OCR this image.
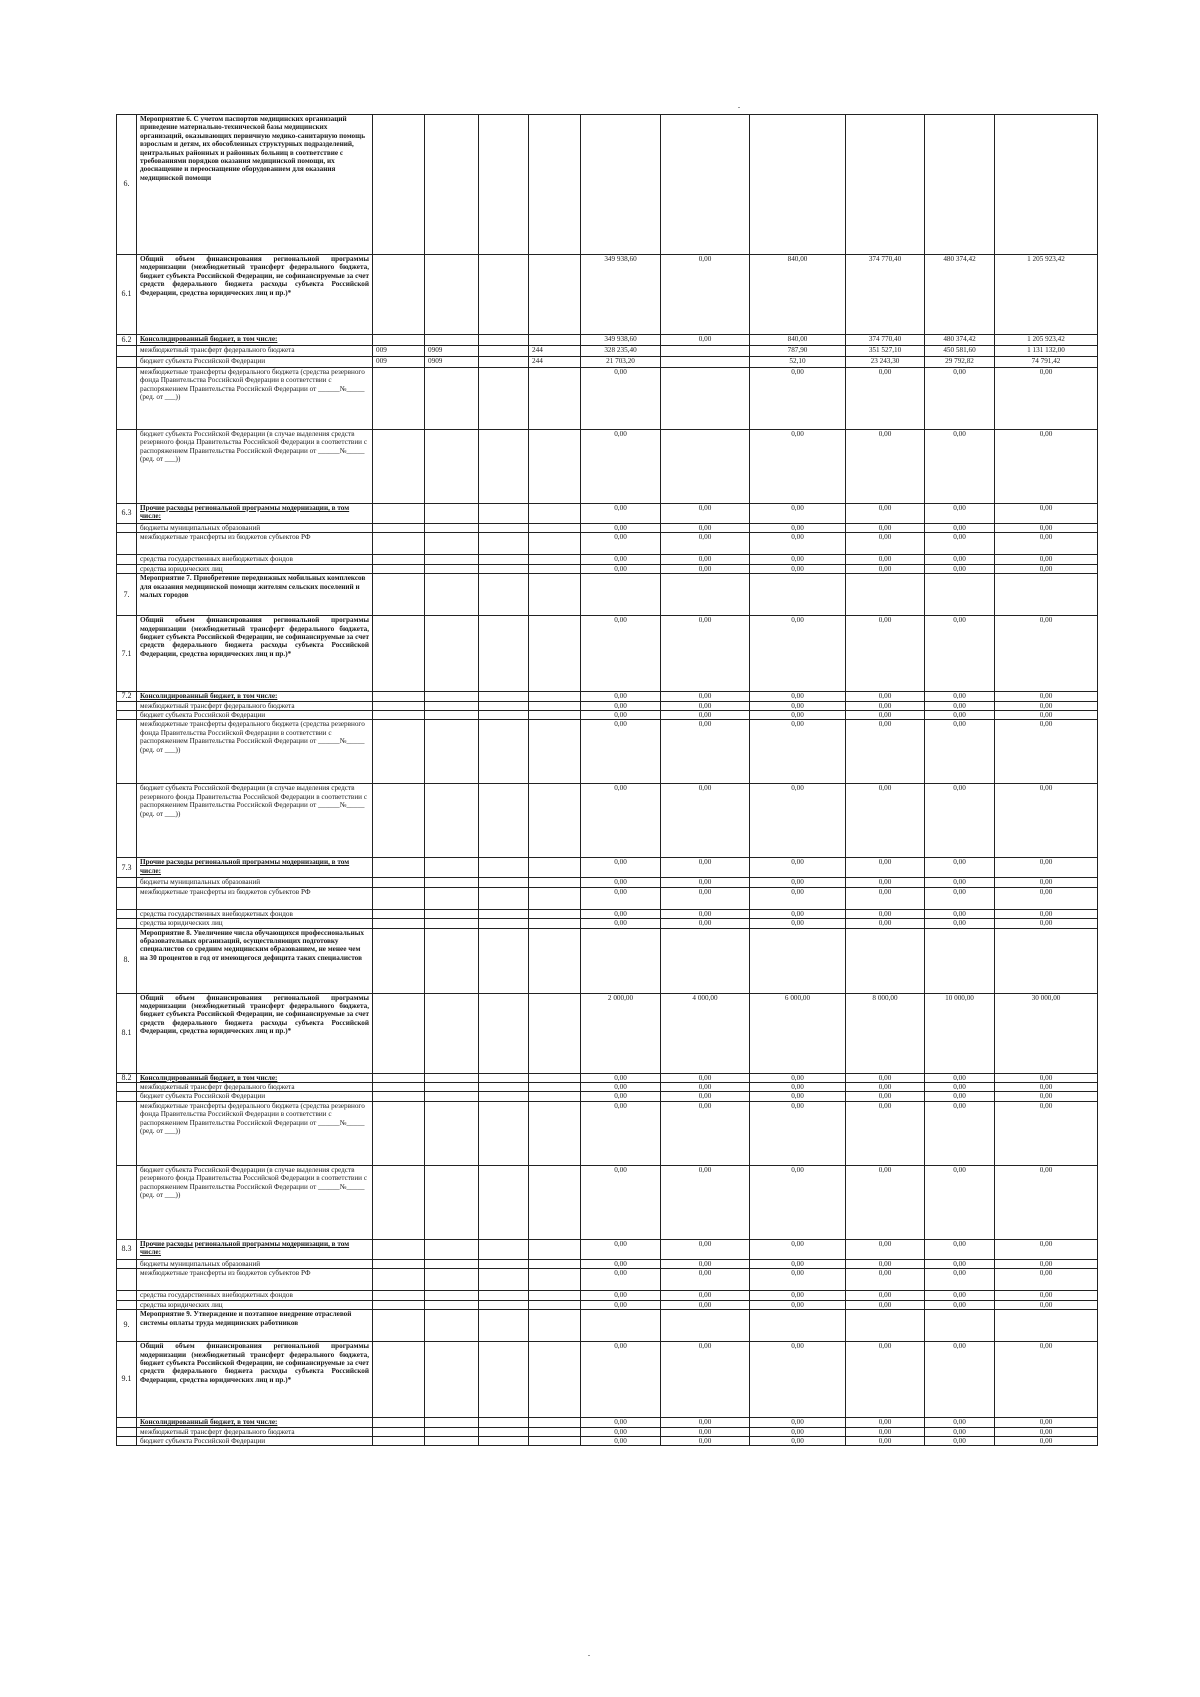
6.	Мероприятие 6. С учетом паспортов медицинских организаций приведение материально-технической базы медицинских организаций, оказывающих первичную медико-санитарную помощь взрослым и детям, их обособленных структурных подразделений, центральных районных и районных больниц в соответствие с требованиями порядков оказания медицинской помощи, их дооснащение и переоснащение оборудованием для оказания медицинской помощи										
6.1	Общий объем финансирования региональной программы модернизации (межбюджетный трансферт федерального бюджета, бюджет субъекта Российской Федерации, не софинансируемые за счет средств федерального бюджета расходы субъекта Российской Федерации, средства юридических лиц и пр.)*					349 938,60	0,00	840,00	374 770,40	480 374,42	1 205 923,42
6.2	Консолидированный бюджет, в том числе:					349 938,60	0,00	840,00	374 770,40	480 374,42	1 205 923,42
	межбюджетный трансферт федерального бюджета	009	0909		244	328 235,40		787,90	351 527,10	450 581,60	1 131 132,00
	бюджет субъекта Российской Федерации	009	0909		244	21 703,20		52,10	23 243,30	29 792,82	74 791,42
	межбюджетные трансферты федерального бюджета (средства резервного фонда Правительства Российской Федерации в соответствии с распоряжением Правительства Российской Федерации от ______№_____ (ред. от ___))					0,00		0,00	0,00	0,00	0,00
	бюджет субъекта Российской Федерации (в случае выделения средств резервного фонда Правительства Российской Федерации в соответствии с распоряжением Правительства Российской Федерации от ______№_____ (ред. от ___))					0,00		0,00	0,00	0,00	0,00
6.3	Прочие расходы региональной программы модернизации, в том числе:					0,00	0,00	0,00	0,00	0,00	0,00
	бюджеты муниципальных образований					0,00	0,00	0,00	0,00	0,00	0,00
	межбюджетные трансферты из бюджетов субъектов РФ					0,00	0,00	0,00	0,00	0,00	0,00
	средства государственных внебюджетных фондов					0,00	0,00	0,00	0,00	0,00	0,00
	средства юридических лиц					0,00	0,00	0,00	0,00	0,00	0,00
7.	Мероприятие 7. Приобретение передвижных мобильных комплексов для оказания медицинской помощи жителям сельских поселений и малых городов										
7.1	Общий объем финансирования региональной программы модернизации (межбюджетный трансферт федерального бюджета, бюджет субъекта Российской Федерации, не софинансируемые за счет средств федерального бюджета расходы субъекта Российской Федерации, средства юридических лиц и пр.)*					0,00	0,00	0,00	0,00	0,00	0,00
7.2	Консолидированный бюджет, в том числе:					0,00	0,00	0,00	0,00	0,00	0,00
	межбюджетный трансферт федерального бюджета					0,00	0,00	0,00	0,00	0,00	0,00
	бюджет субъекта Российской Федерации					0,00	0,00	0,00	0,00	0,00	0,00
	межбюджетные трансферты федерального бюджета (средства резервного фонда Правительства Российской Федерации в соответствии с распоряжением Правительства Российской Федерации от ______№_____ (ред. от ___))					0,00	0,00	0,00	0,00	0,00	0,00
	бюджет субъекта Российской Федерации (в случае выделения средств резервного фонда Правительства Российской Федерации в соответствии с распоряжением Правительства Российской Федерации от ______№_____ (ред. от ___))					0,00	0,00	0,00	0,00	0,00	0,00
7.3	Прочие расходы региональной программы модернизации, в том числе:					0,00	0,00	0,00	0,00	0,00	0,00
	бюджеты муниципальных образований					0,00	0,00	0,00	0,00	0,00	0,00
	межбюджетные трансферты из бюджетов субъектов РФ					0,00	0,00	0,00	0,00	0,00	0,00
	средства государственных внебюджетных фондов					0,00	0,00	0,00	0,00	0,00	0,00
	средства юридических лиц					0,00	0,00	0,00	0,00	0,00	0,00
8.	Мероприятие 8. Увеличение числа обучающихся профессиональных образовательных организаций, осуществляющих подготовку специалистов со средним медицинским образованием, не менее чем на 30 процентов в год от имеющегося дефицита таких специалистов										
8.1	Общий объем финансирования региональной программы модернизации (межбюджетный трансферт федерального бюджета, бюджет субъекта Российской Федерации, не софинансируемые за счет средств федерального бюджета расходы субъекта Российской Федерации, средства юридических лиц и пр.)*					2 000,00	4 000,00	6 000,00	8 000,00	10 000,00	30 000,00
8.2	Консолидированный бюджет, в том числе:					0,00	0,00	0,00	0,00	0,00	0,00
	межбюджетный трансферт федерального бюджета					0,00	0,00	0,00	0,00	0,00	0,00
	бюджет субъекта Российской Федерации					0,00	0,00	0,00	0,00	0,00	0,00
	межбюджетные трансферты федерального бюджета (средства резервного фонда Правительства Российской Федерации в соответствии с распоряжением Правительства Российской Федерации от ______№_____ (ред. от ___))					0,00	0,00	0,00	0,00	0,00	0,00
	бюджет субъекта Российской Федерации (в случае выделения средств резервного фонда Правительства Российской Федерации в соответствии с распоряжением Правительства Российской Федерации от ______№_____ (ред. от ___))					0,00	0,00	0,00	0,00	0,00	0,00
8.3	Прочие расходы региональной программы модернизации, в том числе:					0,00	0,00	0,00	0,00	0,00	0,00
	бюджеты муниципальных образований					0,00	0,00	0,00	0,00	0,00	0,00
	межбюджетные трансферты из бюджетов субъектов РФ					0,00	0,00	0,00	0,00	0,00	0,00
	средства государственных внебюджетных фондов					0,00	0,00	0,00	0,00	0,00	0,00
	средства юридических лиц					0,00	0,00	0,00	0,00	0,00	0,00
9.	Мероприятие 9. Утверждение и поэтапное внедрение отраслевой системы оплаты труда медицинских работников										
9.1	Общий объем финансирования региональной программы модернизации (межбюджетный трансферт федерального бюджета, бюджет субъекта Российской Федерации, не софинансируемые за счет средств федерального бюджета расходы субъекта Российской Федерации, средства юридических лиц и пр.)*					0,00	0,00	0,00	0,00	0,00	0,00
	Консолидированный бюджет, в том числе:					0,00	0,00	0,00	0,00	0,00	0,00
	межбюджетный трансферт федерального бюджета					0,00	0,00	0,00	0,00	0,00	0,00
	бюджет субъекта Российской Федерации					0,00	0,00	0,00	0,00	0,00	0,00
